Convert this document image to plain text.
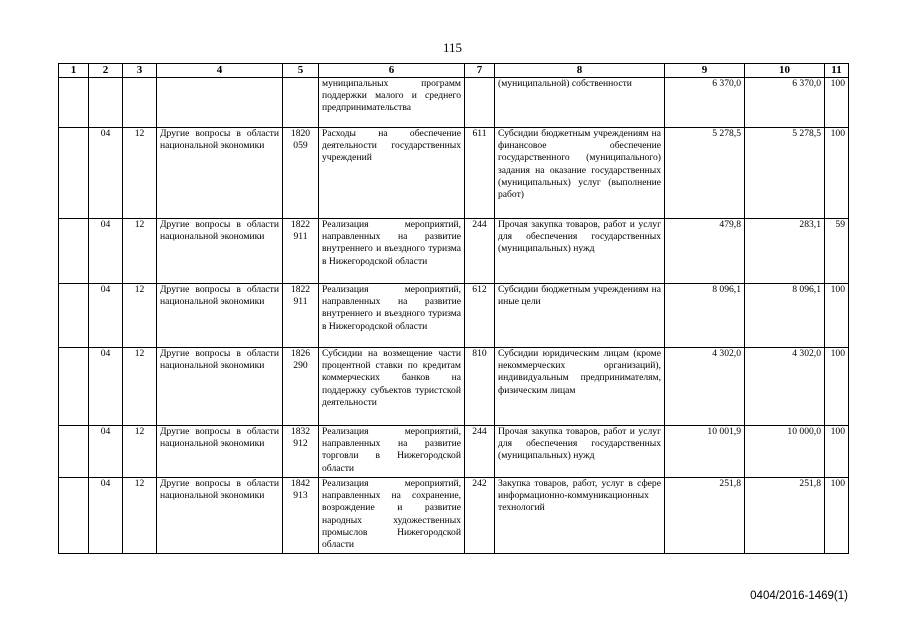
115
1	2	3	4	5	6	7	8	9	10	11
					муниципальных программ поддержки малого и среднего предпринимательства		(муниципальной) собственности	6 370,0	6 370,0	100
	04	12	Другие вопросы в области национальной экономики	1820 059	Расходы на обеспечение деятельности государственных учреждений	611	Субсидии бюджетным учреждениям на финансовое обеспечение государственного (муниципального) задания на оказание государственных (муниципальных) услуг (выполнение работ)	5 278,5	5 278,5	100
	04	12	Другие вопросы в области национальной экономики	1822 911	Реализация мероприятий, направленных на развитие внутреннего и въездного туризма в Нижегородской области	244	Прочая закупка товаров, работ и услуг для обеспечения государственных (муниципальных) нужд	479,8	283,1	59
	04	12	Другие вопросы в области национальной экономики	1822 911	Реализация мероприятий, направленных на развитие внутреннего и въездного туризма в Нижегородской области	612	Субсидии бюджетным учреждениям на иные цели	8 096,1	8 096,1	100
	04	12	Другие вопросы в области национальной экономики	1826 290	Субсидии на возмещение части процентной ставки по кредитам коммерческих банков на поддержку субъектов туристской деятельности	810	Субсидии юридическим лицам (кроме некоммерческих организаций), индивидуальным предпринимателям, физическим лицам	4 302,0	4 302,0	100
	04	12	Другие вопросы в области национальной экономики	1832 912	Реализация мероприятий, направленных на развитие торговли в Нижегородской области	244	Прочая закупка товаров, работ и услуг для обеспечения государственных (муниципальных) нужд	10 001,9	10 000,0	100
	04	12	Другие вопросы в области национальной экономики	1842 913	Реализация мероприятий, направленных на сохранение, возрождение и развитие народных художественных промыслов Нижегородской области	242	Закупка товаров, работ, услуг в сфере информационно-коммуникационных технологий	251,8	251,8	100
0404/2016-1469(1)
